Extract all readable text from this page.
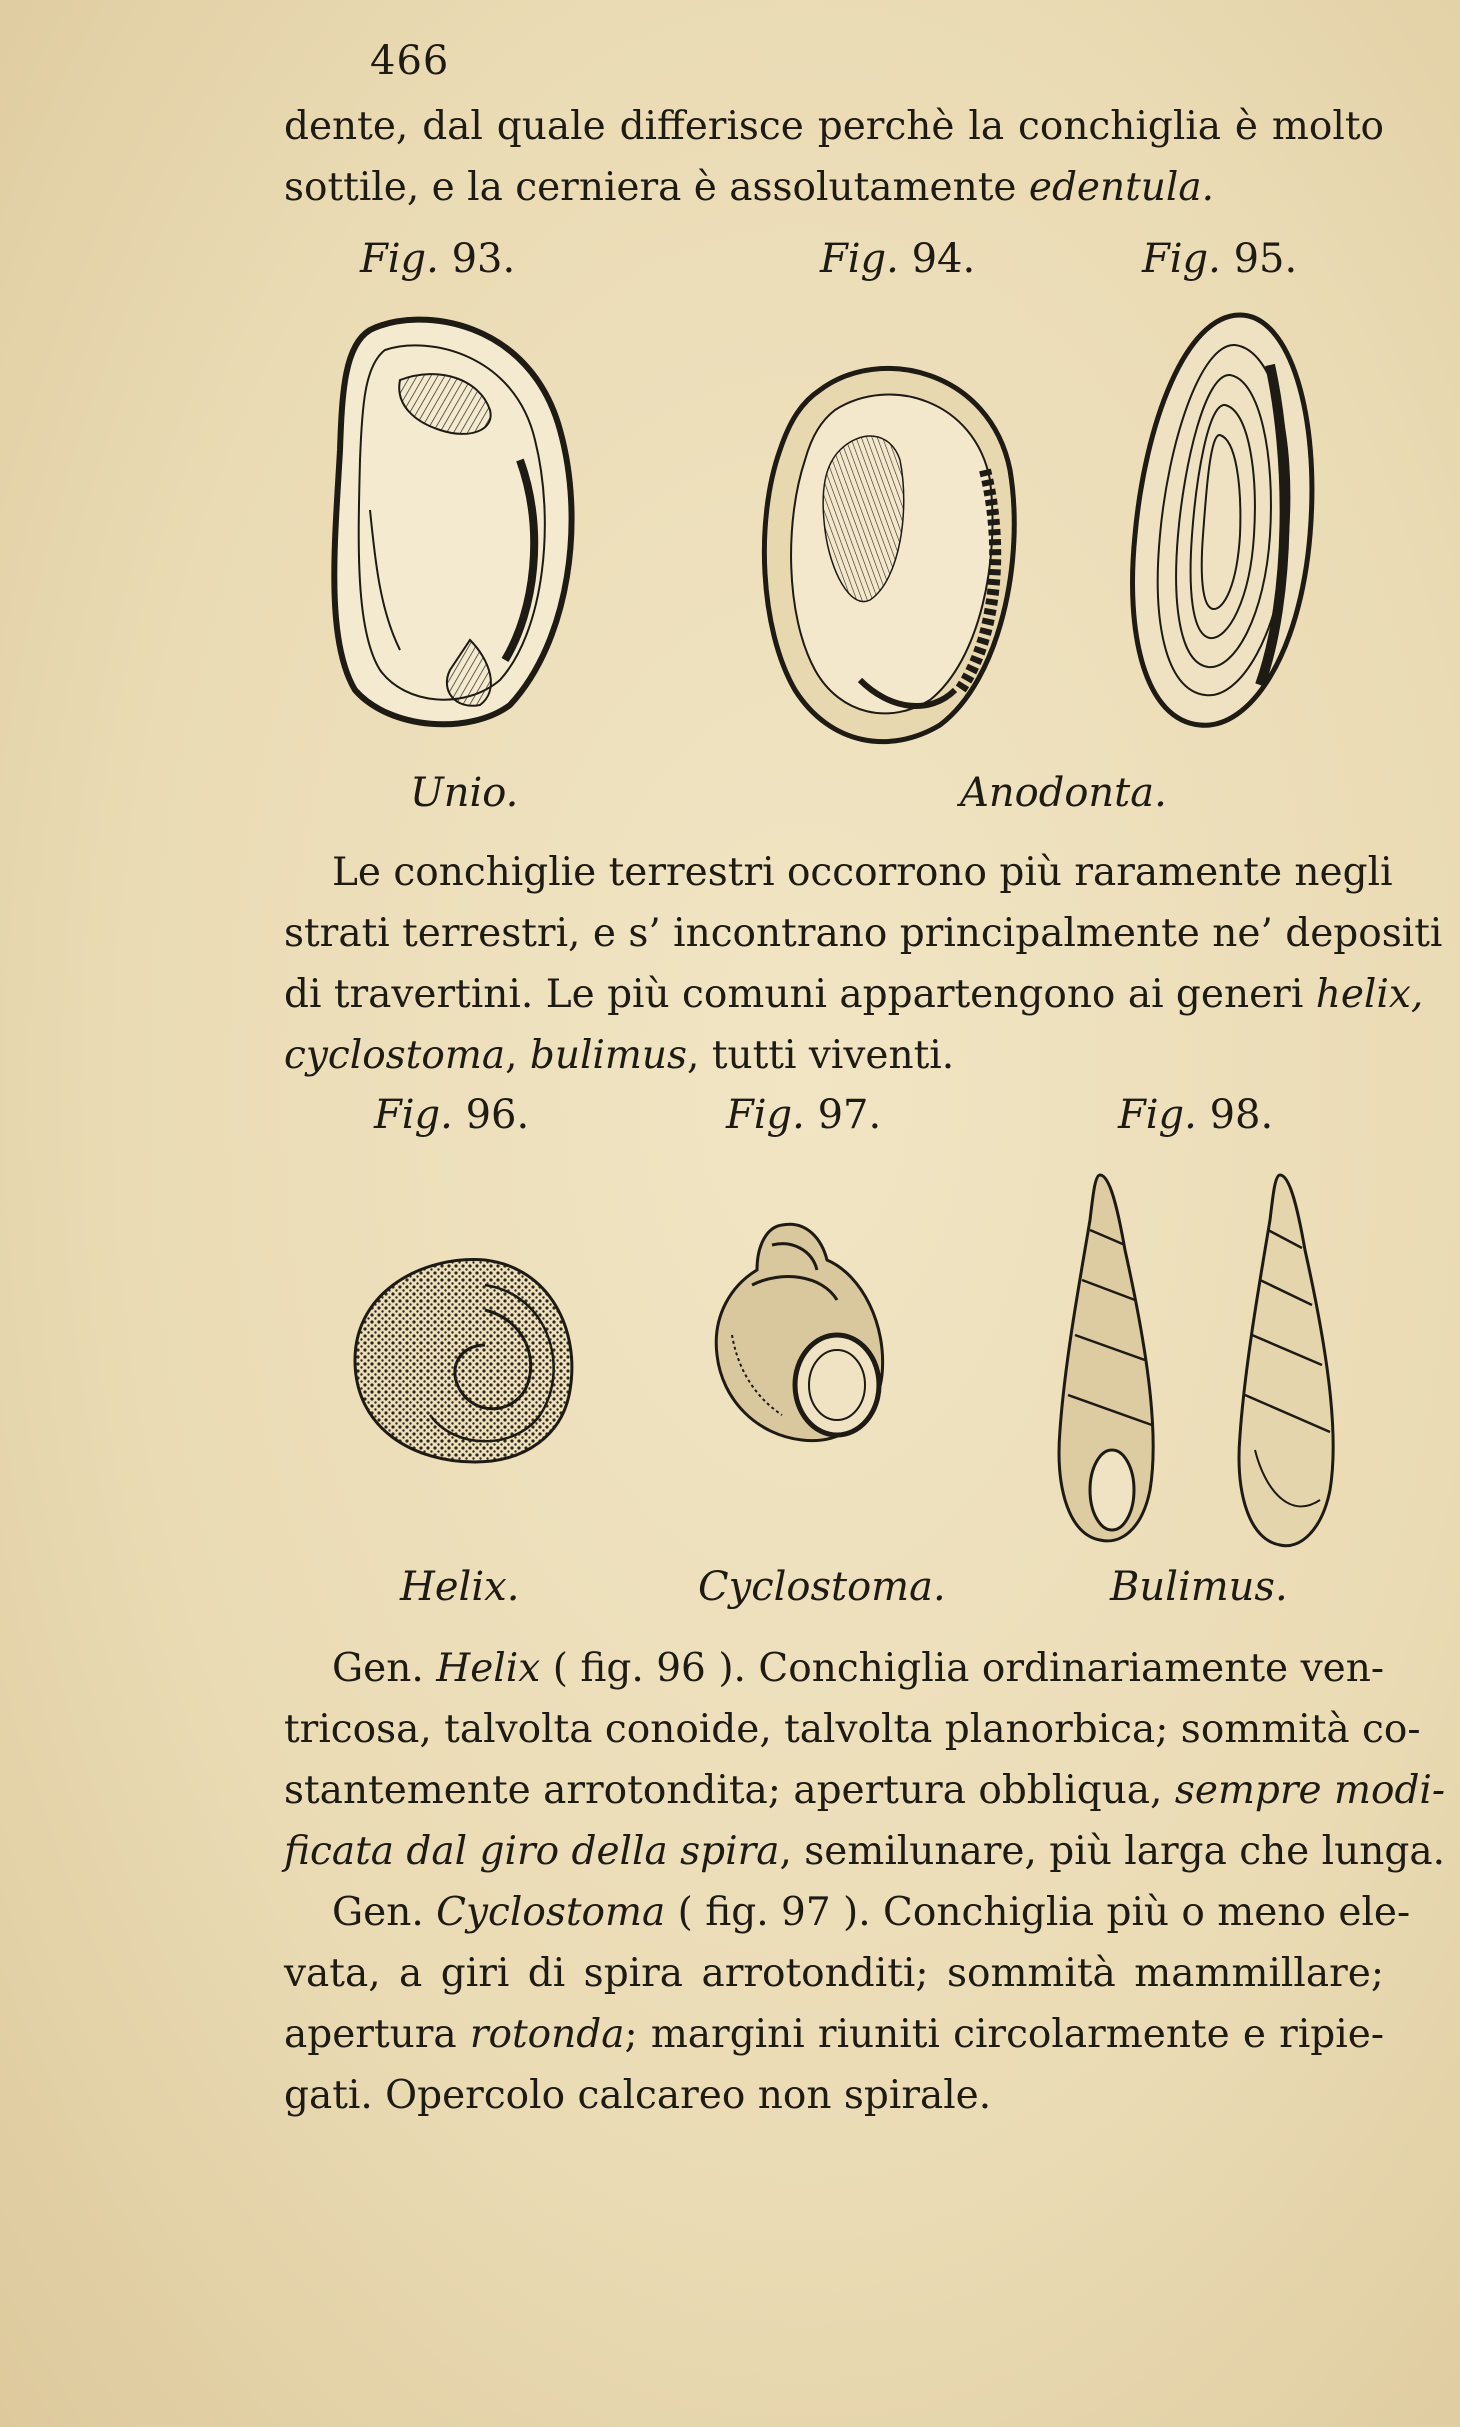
466
dente, dal quale differisce perchè la conchiglia è molto
sottile, e la cerniera è assolutamente edentula.
Fig. 93.	Fig. 94.	Fig. 95.
Unio.	Anodonta.
Le conchiglie terrestri occorrono più raramente negli
strati terrestri, e s’ incontrano principalmente ne’ depositi
di travertini. Le più comuni appartengono ai generi helix,
cyclostoma, bulimus, tutti viventi.
Fig. 96.	Fig. 97.	Fig. 98.
Helix.	Cyclostoma.	Bulimus.
Gen. Helix ( fig. 96 ). Conchiglia ordinariamente ven-
tricosa, talvolta conoide, talvolta planorbica; sommità co-
stantemente arrotondita; apertura obbliqua, sempre modi-
ficata dal giro della spira, semilunare, più larga che lunga.
Gen. Cyclostoma ( fig. 97 ). Conchiglia più o meno ele-
vata, a giri di spira arrotonditi; sommità mammillare;
apertura rotonda; margini riuniti circolarmente e ripie-
gati. Opercolo calcareo non spirale.
